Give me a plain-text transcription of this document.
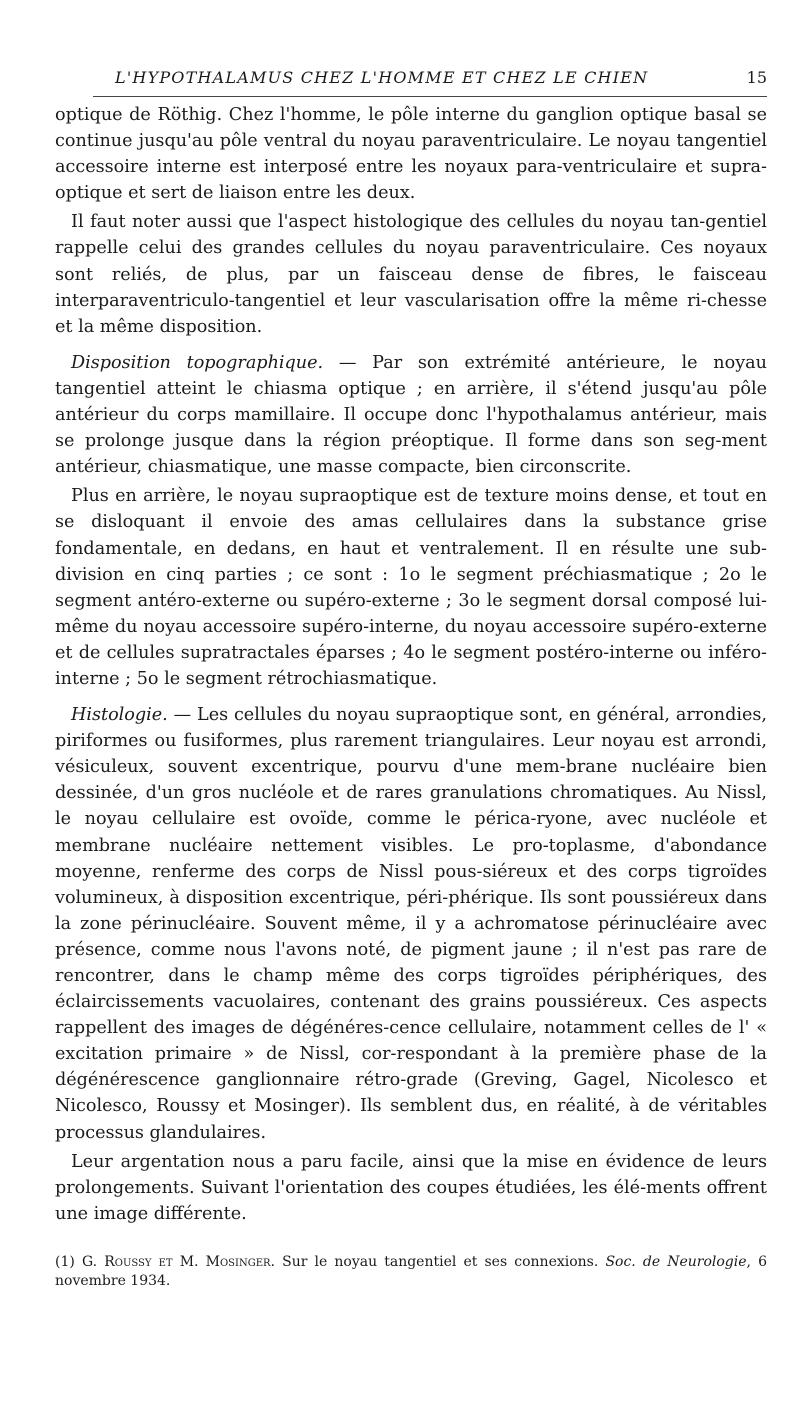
L'HYPOTHALAMUS CHEZ L'HOMME ET CHEZ LE CHIEN	15

optique de Röthig. Chez l'homme, le pôle interne du ganglion optique basal se continue jusqu'au pôle ventral du noyau paraventriculaire. Le noyau tangentiel accessoire interne est interposé entre les noyaux para-ventriculaire et supra-optique et sert de liaison entre les deux.

Il faut noter aussi que l'aspect histologique des cellules du noyau tan-gentiel rappelle celui des grandes cellules du noyau paraventriculaire. Ces noyaux sont reliés, de plus, par un faisceau dense de fibres, le faisceau interparaventriculo-tangentiel et leur vascularisation offre la même ri-chesse et la même disposition.

Disposition topographique. — Par son extrémité antérieure, le noyau tangentiel atteint le chiasma optique ; en arrière, il s'étend jusqu'au pôle antérieur du corps mamillaire. Il occupe donc l'hypothalamus antérieur, mais se prolonge jusque dans la région préoptique. Il forme dans son seg-ment antérieur, chiasmatique, une masse compacte, bien circonscrite.

Plus en arrière, le noyau supraoptique est de texture moins dense, et tout en se disloquant il envoie des amas cellulaires dans la substance grise fondamentale, en dedans, en haut et ventralement. Il en résulte une sub-division en cinq parties ; ce sont : 1o le segment préchiasmatique ; 2o le segment antéro-externe ou supéro-externe ; 3o le segment dorsal composé lui-même du noyau accessoire supéro-interne, du noyau accessoire supéro-externe et de cellules supratractales éparses ; 4o le segment postéro-interne ou inféro-interne ; 5o le segment rétrochiasmatique.

Histologie. — Les cellules du noyau supraoptique sont, en général, arrondies, piriformes ou fusiformes, plus rarement triangulaires. Leur noyau est arrondi, vésiculeux, souvent excentrique, pourvu d'une mem-brane nucléaire bien dessinée, d'un gros nucléole et de rares granulations chromatiques. Au Nissl, le noyau cellulaire est ovoïde, comme le périca-ryone, avec nucléole et membrane nucléaire nettement visibles. Le pro-toplasme, d'abondance moyenne, renferme des corps de Nissl pous-siéreux et des corps tigroïdes volumineux, à disposition excentrique, péri-phérique. Ils sont poussiéreux dans la zone périnucléaire. Souvent même, il y a achromatose périnucléaire avec présence, comme nous l'avons noté, de pigment jaune ; il n'est pas rare de rencontrer, dans le champ même des corps tigroïdes périphériques, des éclaircissements vacuolaires, contenant des grains poussiéreux. Ces aspects rappellent des images de dégénéres-cence cellulaire, notamment celles de l' « excitation primaire » de Nissl, cor-respondant à la première phase de la dégénérescence ganglionnaire rétro-grade (Greving, Gagel, Nicolesco et Nicolesco, Roussy et Mosinger). Ils semblent dus, en réalité, à de véritables processus glandulaires.

Leur argentation nous a paru facile, ainsi que la mise en évidence de leurs prolongements. Suivant l'orientation des coupes étudiées, les élé-ments offrent une image différente.

(1) G. Roussy et M. Mosinger. Sur le noyau tangentiel et ses connexions. Soc. de Neurologie, 6 novembre 1934.
